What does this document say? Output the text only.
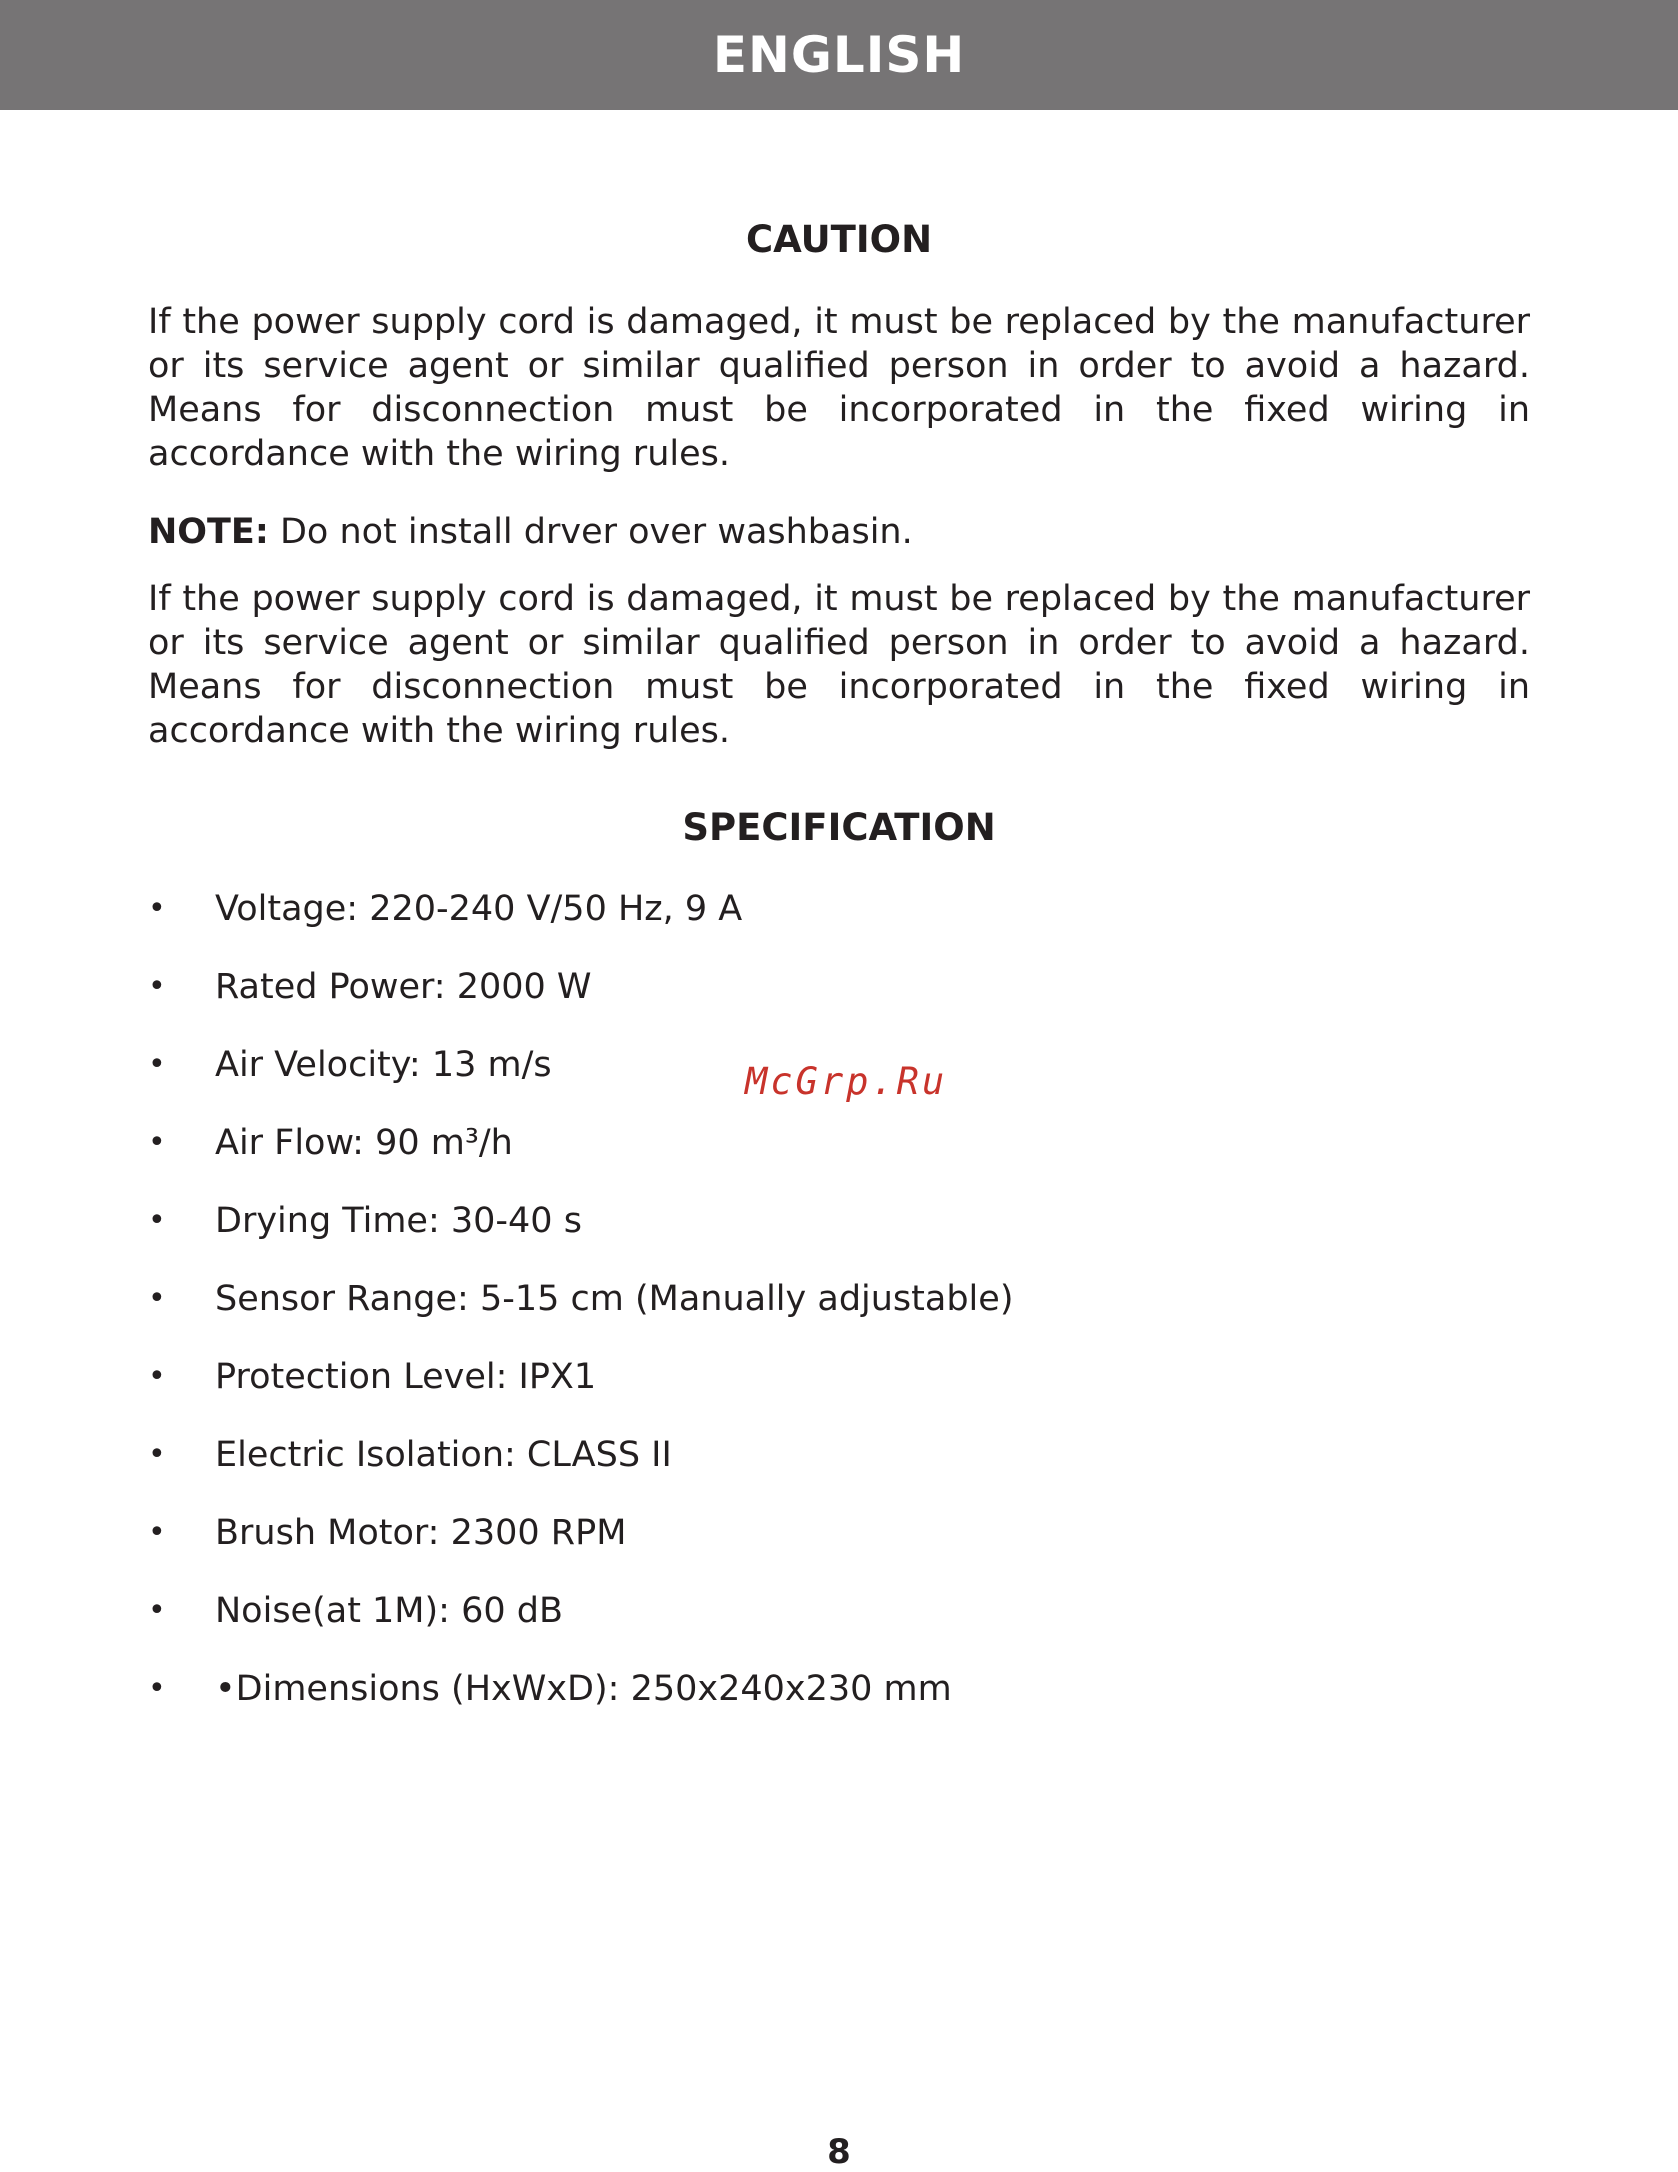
ENGLISH
CAUTION
If the power supply cord is damaged, it must be replaced by the manufacturer or its service agent or similar qualified person in order to avoid a hazard. Means for disconnection must be incorporated in the fixed wiring in accordance with the wiring rules.
NOTE: Do not install drver over washbasin.
If the power supply cord is damaged, it must be replaced by the manufacturer or its service agent or similar qualified person in order to avoid a hazard. Means for disconnection must be incorporated in the fixed wiring in accordance with the wiring rules.
SPECIFICATION
• Voltage: 220-240 V/50 Hz, 9 A
• Rated Power: 2000 W
• Air Velocity: 13 m/s
• Air Flow: 90 m³/h
• Drying Time: 30-40 s
• Sensor Range: 5-15 cm (Manually adjustable)
• Protection Level: IPX1
• Electric Isolation: CLASS II
• Brush Motor: 2300 RPM
• Noise(at 1M): 60 dB
• •Dimensions (HxWxD): 250x240x230 mm
McGrp.Ru
8
